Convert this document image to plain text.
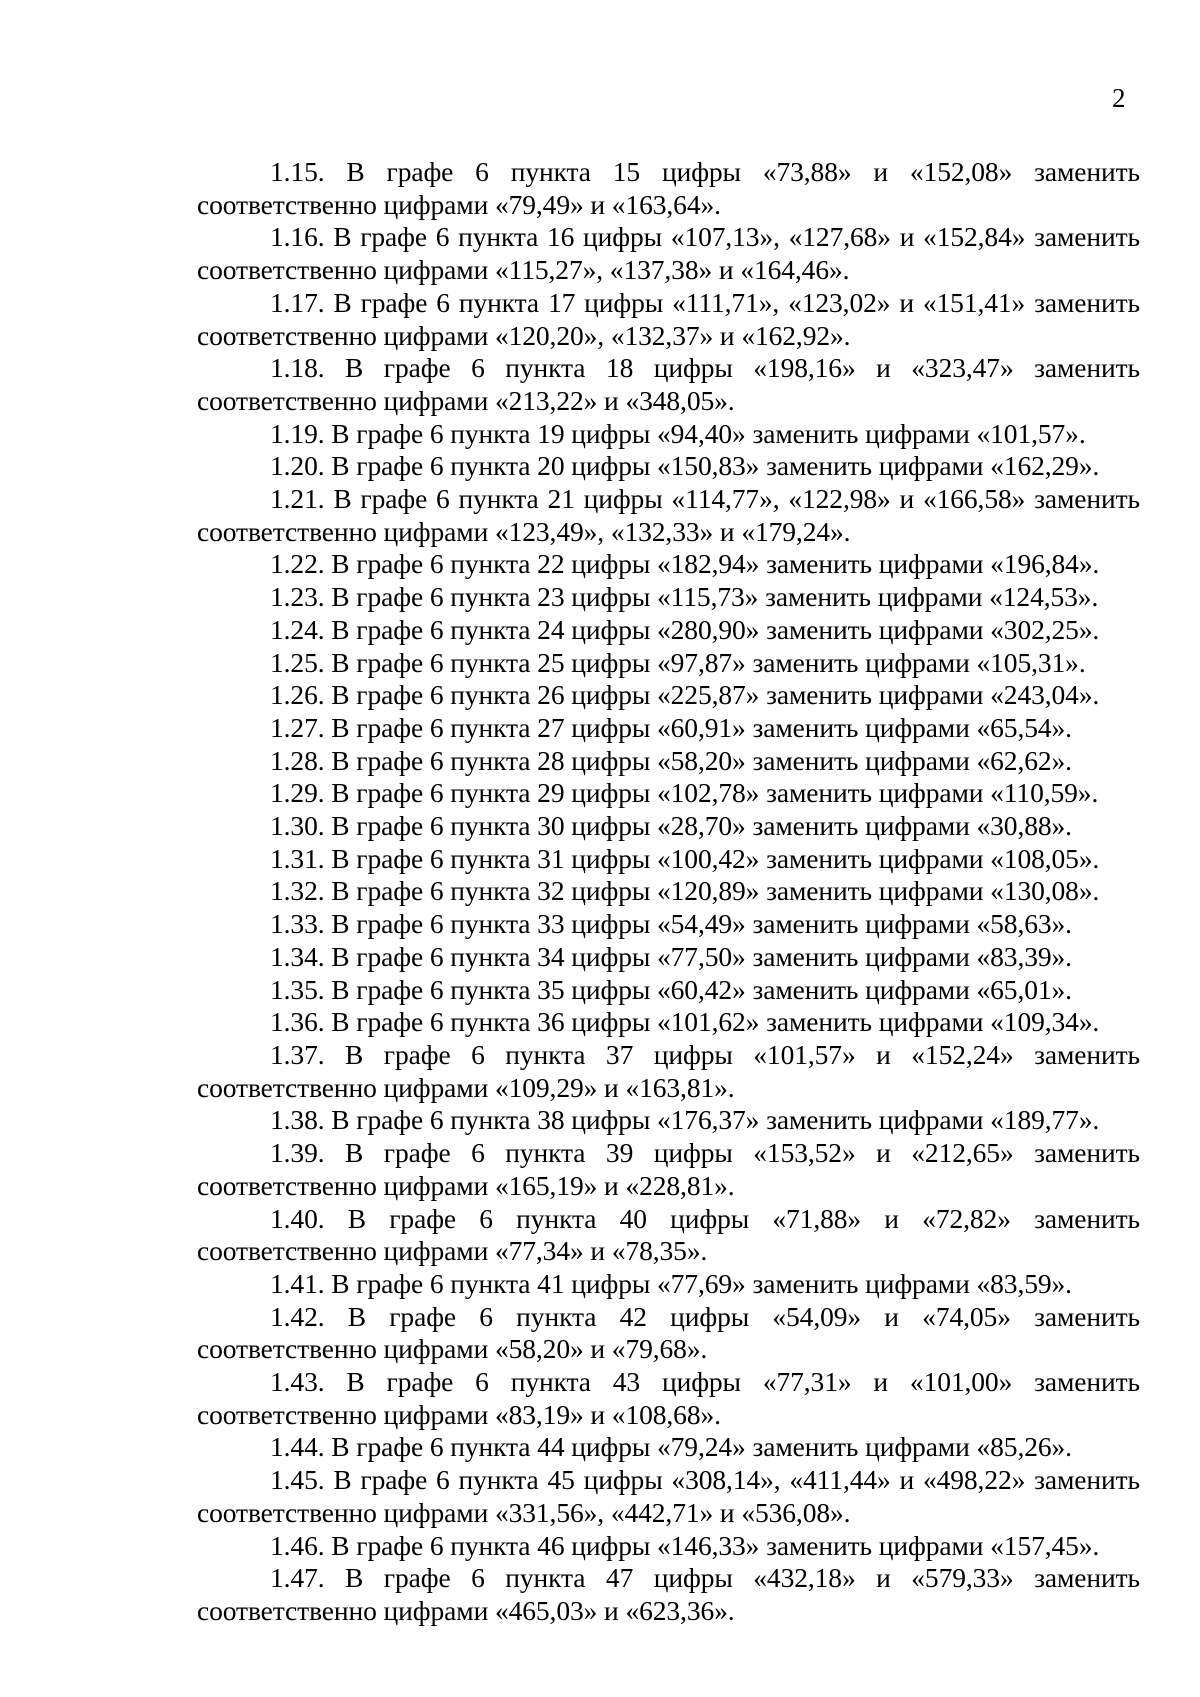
2

1.15. В графе 6 пункта 15 цифры «73,88» и «152,08» заменить соответственно цифрами «79,49» и «163,64».

1.16. В графе 6 пункта 16 цифры «107,13», «127,68» и «152,84» заменить соответственно цифрами «115,27», «137,38» и «164,46».

1.17. В графе 6 пункта 17 цифры «111,71», «123,02» и «151,41» заменить соответственно цифрами «120,20», «132,37» и «162,92».

1.18. В графе 6 пункта 18 цифры «198,16» и «323,47» заменить соответственно цифрами «213,22» и «348,05».

1.19. В графе 6 пункта 19 цифры «94,40» заменить цифрами «101,57».

1.20. В графе 6 пункта 20 цифры «150,83» заменить цифрами «162,29».

1.21. В графе 6 пункта 21 цифры «114,77», «122,98» и «166,58» заменить соответственно цифрами «123,49», «132,33» и «179,24».

1.22. В графе 6 пункта 22 цифры «182,94» заменить цифрами «196,84».

1.23. В графе 6 пункта 23 цифры «115,73» заменить цифрами «124,53».

1.24. В графе 6 пункта 24 цифры «280,90» заменить цифрами «302,25».

1.25. В графе 6 пункта 25 цифры «97,87» заменить цифрами «105,31».

1.26. В графе 6 пункта 26 цифры «225,87» заменить цифрами «243,04».

1.27. В графе 6 пункта 27 цифры «60,91» заменить цифрами «65,54».

1.28. В графе 6 пункта 28 цифры «58,20» заменить цифрами «62,62».

1.29. В графе 6 пункта 29 цифры «102,78» заменить цифрами «110,59».

1.30. В графе 6 пункта 30 цифры «28,70» заменить цифрами «30,88».

1.31. В графе 6 пункта 31 цифры «100,42» заменить цифрами «108,05».

1.32. В графе 6 пункта 32 цифры «120,89» заменить цифрами «130,08».

1.33. В графе 6 пункта 33 цифры «54,49» заменить цифрами «58,63».

1.34. В графе 6 пункта 34 цифры «77,50» заменить цифрами «83,39».

1.35. В графе 6 пункта 35 цифры «60,42» заменить цифрами «65,01».

1.36. В графе 6 пункта 36 цифры «101,62» заменить цифрами «109,34».

1.37. В графе 6 пункта 37 цифры «101,57» и «152,24» заменить соответственно цифрами «109,29» и «163,81».

1.38. В графе 6 пункта 38 цифры «176,37» заменить цифрами «189,77».

1.39. В графе 6 пункта 39 цифры «153,52» и «212,65» заменить соответственно цифрами «165,19» и «228,81».

1.40. В графе 6 пункта 40 цифры «71,88» и «72,82» заменить соответственно цифрами «77,34» и «78,35».

1.41. В графе 6 пункта 41 цифры «77,69» заменить цифрами «83,59».

1.42. В графе 6 пункта 42 цифры «54,09» и «74,05» заменить соответственно цифрами «58,20» и «79,68».

1.43. В графе 6 пункта 43 цифры «77,31» и «101,00» заменить соответственно цифрами «83,19» и «108,68».

1.44. В графе 6 пункта 44 цифры «79,24» заменить цифрами «85,26».

1.45. В графе 6 пункта 45 цифры «308,14», «411,44» и «498,22» заменить соответственно цифрами «331,56», «442,71» и «536,08».

1.46. В графе 6 пункта 46 цифры «146,33» заменить цифрами «157,45».

1.47. В графе 6 пункта 47 цифры «432,18» и «579,33» заменить соответственно цифрами «465,03» и «623,36».
